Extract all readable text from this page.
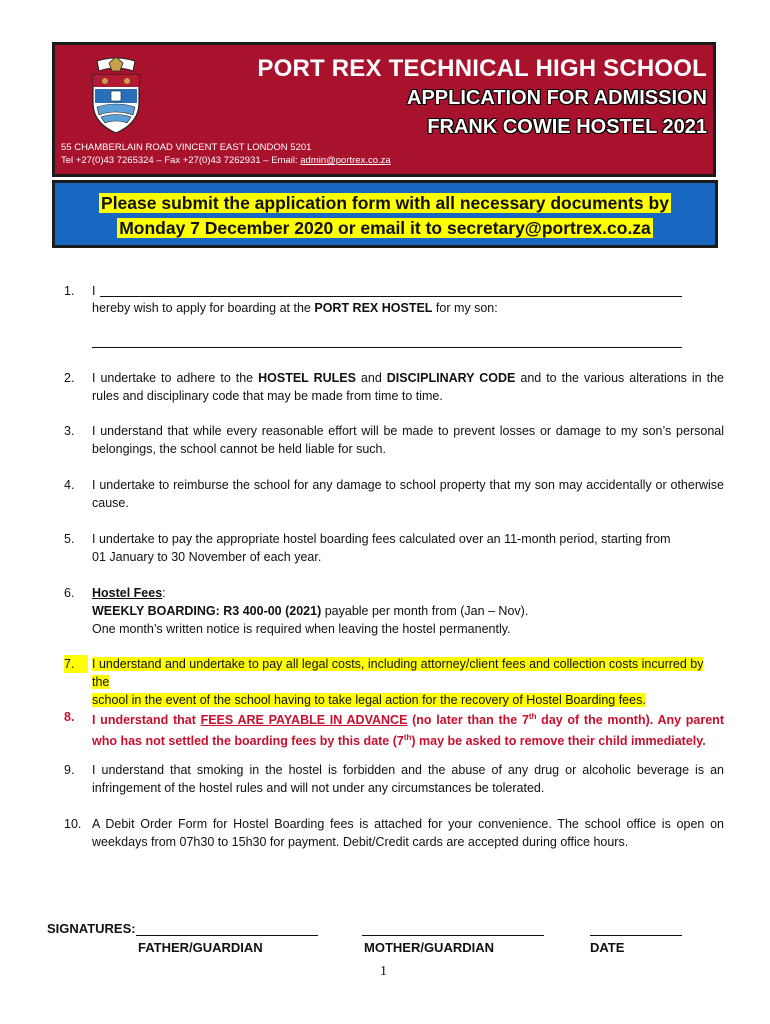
PORT REX TECHNICAL HIGH SCHOOL

APPLICATION FOR ADMISSION

FRANK COWIE HOSTEL 2021

55 CHAMBERLAIN ROAD VINCENT EAST LONDON 5201

Tel +27(0)43 7265324 – Fax +27(0)43 7262931 – Email: admin@portrex.co.za

Please submit the application form with all necessary documents by

Monday 7 December 2020 or email it to secretary@portrex.co.za

1.	I
hereby wish to apply for boarding at the PORT REX HOSTEL for my son:
2.	I undertake to adhere to the HOSTEL RULES and DISCIPLINARY CODE and to the various alterations in the rules and disciplinary code that may be made from time to time.
3.	I understand that while every reasonable effort will be made to prevent losses or damage to my son’s personal belongings, the school cannot be held liable for such.
4.	I undertake to reimburse the school for any damage to school property that my son may accidentally or otherwise cause.
5.	I undertake to pay the appropriate hostel boarding fees calculated over an 11-month period, starting from
01 January to 30 November of each year.
6.	Hostel Fees:
WEEKLY BOARDING: R3 400-00 (2021) payable per month from (Jan – Nov).
One month’s written notice is required when leaving the hostel permanently.
7.	I understand and undertake to pay all legal costs, including attorney/client fees and collection costs incurred by the
school in the event of the school having to take legal action for the recovery of Hostel Boarding fees.
8.	I understand that FEES ARE PAYABLE IN ADVANCE (no later than the 7th day of the month). Any parent who has not settled the boarding fees by this date (7th) may be asked to remove their child immediately.
9.	I understand that smoking in the hostel is forbidden and the abuse of any drug or alcoholic beverage is an infringement of the hostel rules and will not under any circumstances be tolerated.
10. A Debit Order Form for Hostel Boarding fees is attached for your convenience. The school office is open on weekdays from 07h30 to 15h30 for payment. Debit/Credit cards are accepted during office hours.
SIGNATURES:
FATHER/GUARDIAN	MOTHER/GUARDIAN	DATE
1
